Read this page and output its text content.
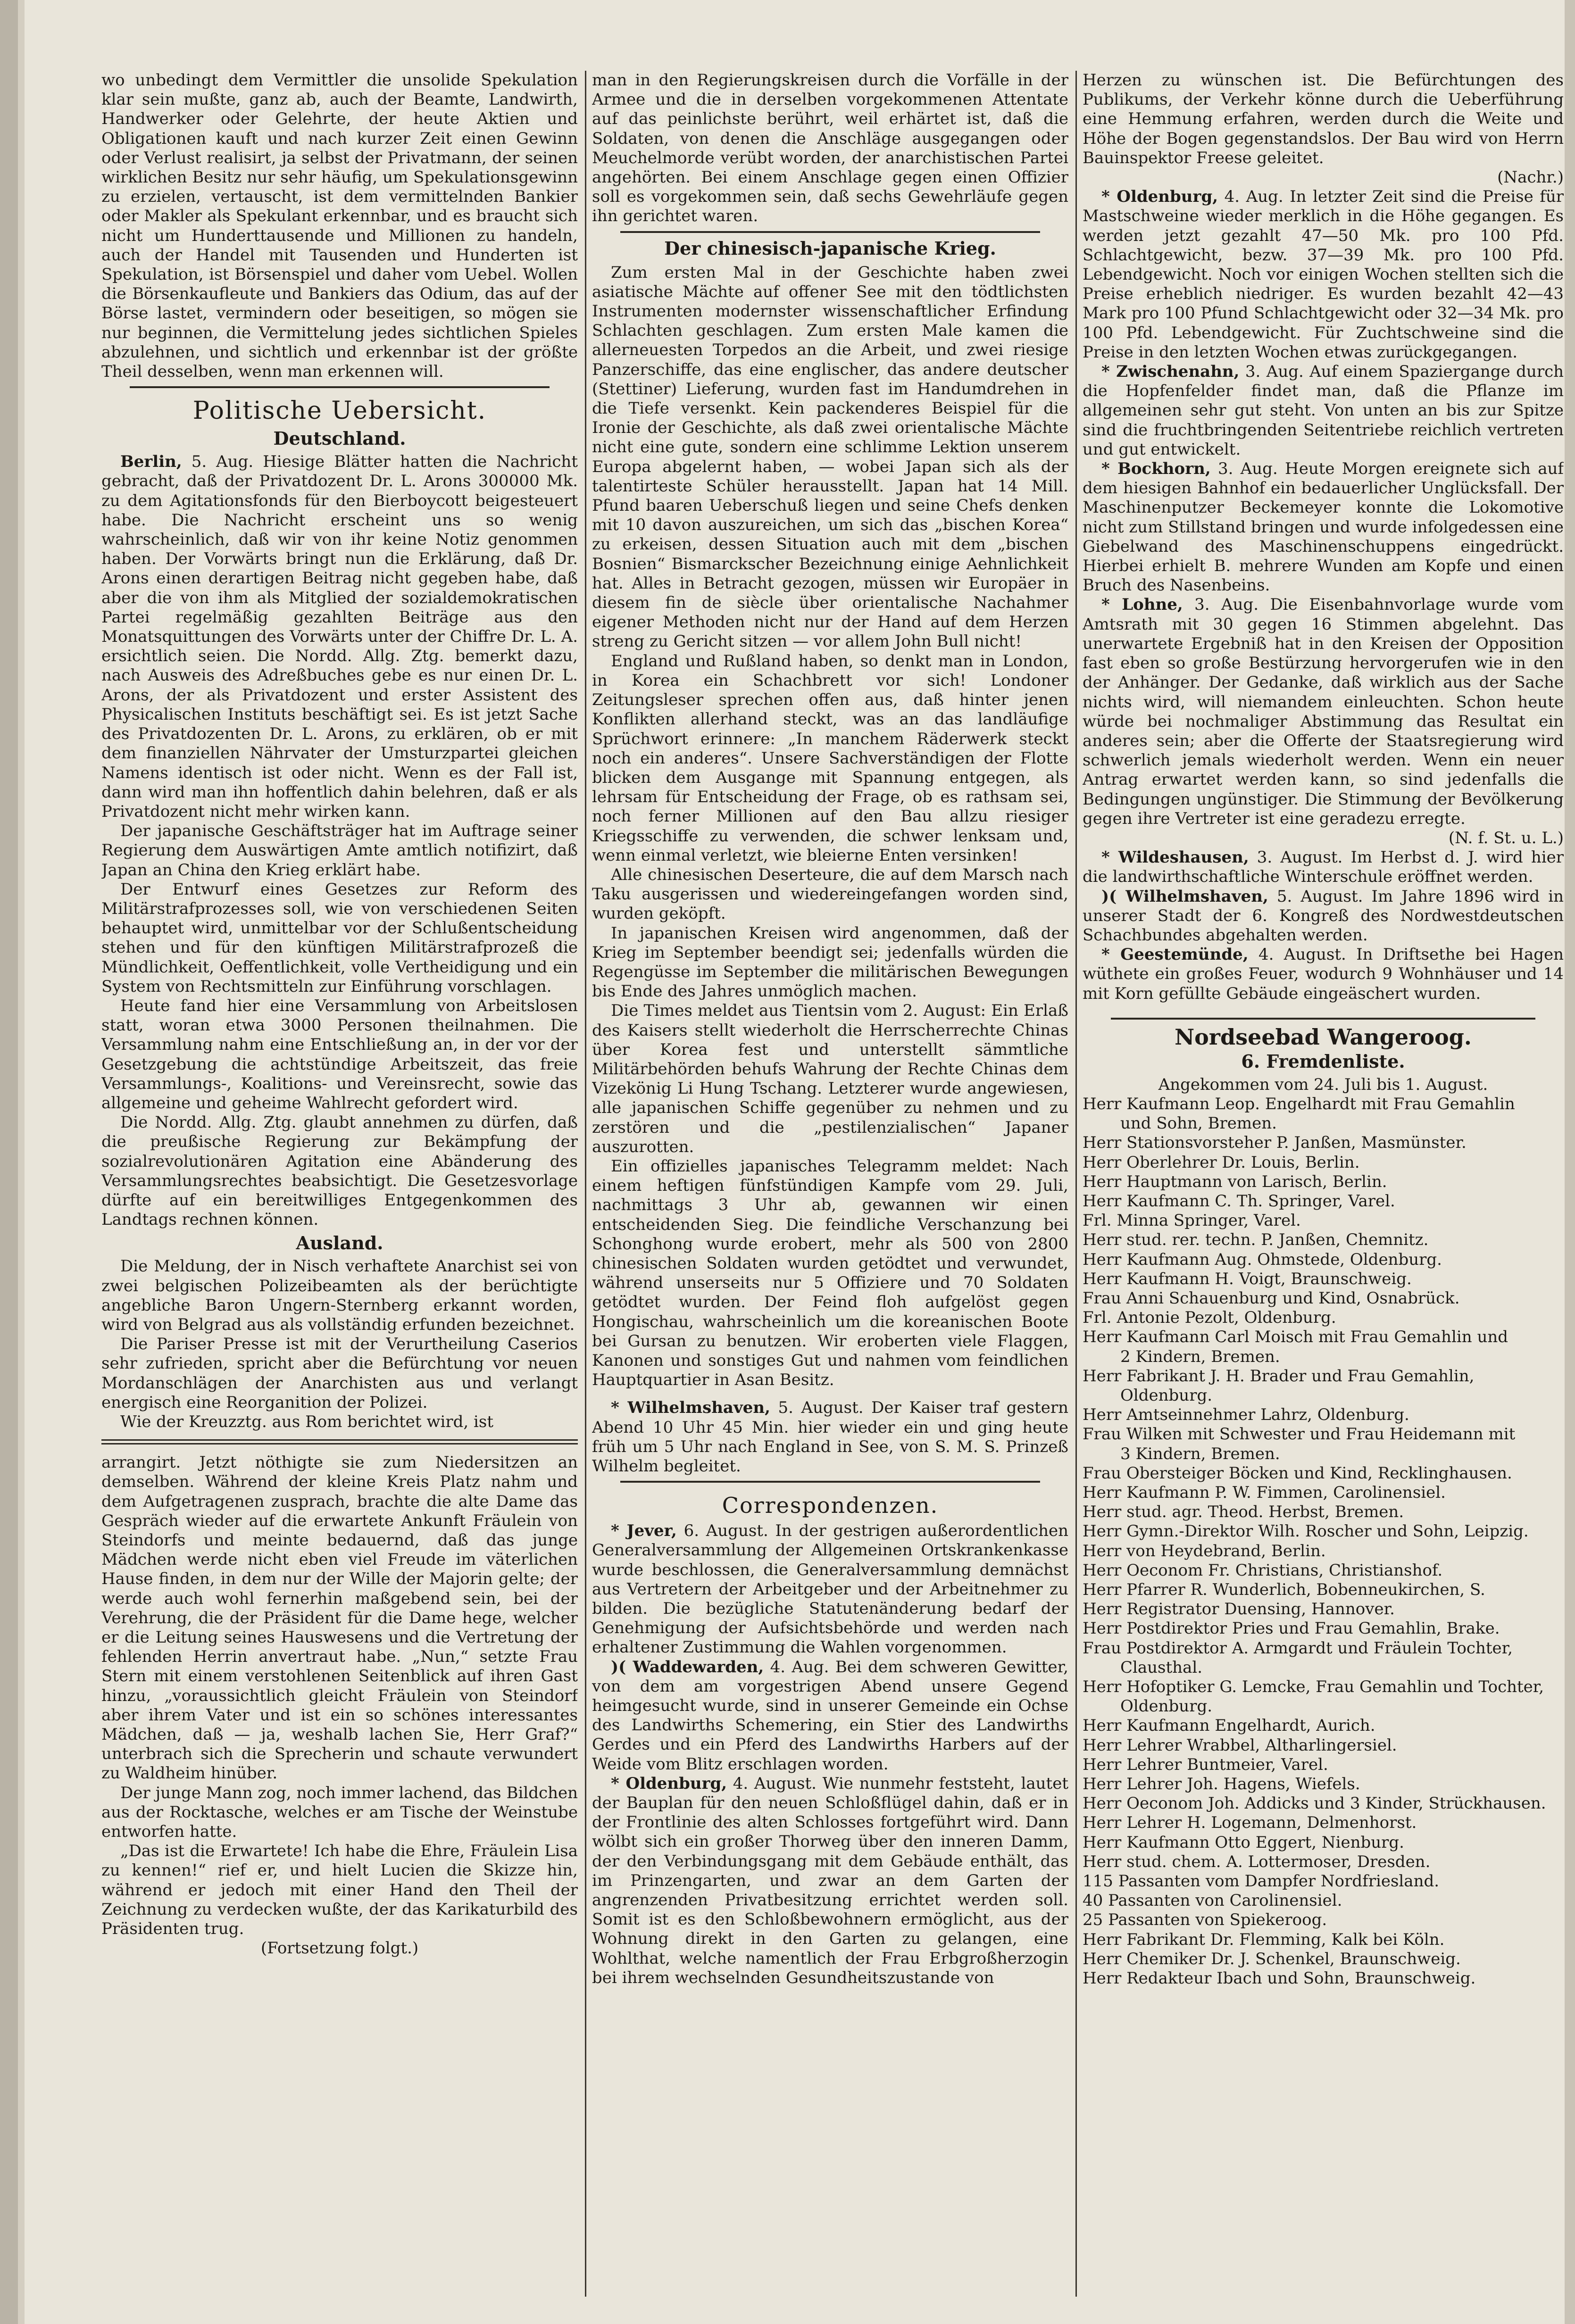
wo unbedingt dem Vermittler die unsolide Spekulation klar sein mußte, ganz ab, auch der Beamte, Landwirth, Handwerker oder Gelehrte, der heute Aktien und Obligationen kauft und nach kurzer Zeit einen Gewinn oder Verlust realisirt, ja selbst der Privatmann, der seinen wirklichen Besitz nur sehr häufig, um Spekulationsgewinn zu erzielen, vertauscht, ist dem vermittelnden Bankier oder Makler als Spekulant erkennbar, und es braucht sich nicht um Hunderttausende und Millionen zu handeln, auch der Handel mit Tausenden und Hunderten ist Spekulation, ist Börsenspiel und daher vom Uebel. Wollen die Börsenkaufleute und Bankiers das Odium, das auf der Börse lastet, vermindern oder beseitigen, so mögen sie nur beginnen, die Vermittelung jedes sichtlichen Spieles abzulehnen, und sichtlich und erkennbar ist der größte Theil desselben, wenn man erkennen will.

Politische Uebersicht.
Deutschland.

Berlin, 5. Aug. Hiesige Blätter hatten die Nachricht gebracht, daß der Privatdozent Dr. L. Arons 300000 Mk. zu dem Agitationsfonds für den Bierboycott beigesteuert habe. Die Nachricht erscheint uns so wenig wahrscheinlich, daß wir von ihr keine Notiz genommen haben. Der Vorwärts bringt nun die Erklärung, daß Dr. Arons einen derartigen Beitrag nicht gegeben habe, daß aber die von ihm als Mitglied der sozialdemokratischen Partei regelmäßig gezahlten Beiträge aus den Monatsquittungen des Vorwärts unter der Chiffre Dr. L. A. ersichtlich seien. Die Nordd. Allg. Ztg. bemerkt dazu, nach Ausweis des Adreßbuches gebe es nur einen Dr. L. Arons, der als Privatdozent und erster Assistent des Physicalischen Instituts beschäftigt sei. Es ist jetzt Sache des Privatdozenten Dr. L. Arons, zu erklären, ob er mit dem finanziellen Nährvater der Umsturzpartei gleichen Namens identisch ist oder nicht. Wenn es der Fall ist, dann wird man ihn hoffentlich dahin belehren, daß er als Privatdozent nicht mehr wirken kann.

Der japanische Geschäftsträger hat im Auftrage seiner Regierung dem Auswärtigen Amte amtlich notifizirt, daß Japan an China den Krieg erklärt habe.

Der Entwurf eines Gesetzes zur Reform des Militärstrafprozesses soll, wie von verschiedenen Seiten behauptet wird, unmittelbar vor der Schlußentscheidung stehen und für den künftigen Militärstrafprozeß die Mündlichkeit, Oeffentlichkeit, volle Vertheidigung und ein System von Rechtsmitteln zur Einführung vorschlagen.

Heute fand hier eine Versammlung von Arbeitslosen statt, woran etwa 3000 Personen theilnahmen. Die Versammlung nahm eine Entschließung an, in der vor der Gesetzgebung die achtstündige Arbeitszeit, das freie Versammlungs-, Koalitions- und Vereinsrecht, sowie das allgemeine und geheime Wahlrecht gefordert wird.

Die Nordd. Allg. Ztg. glaubt annehmen zu dürfen, daß die preußische Regierung zur Bekämpfung der sozialrevolutionären Agitation eine Abänderung des Versammlungsrechtes beabsichtigt. Die Gesetzesvorlage dürfte auf ein bereitwilliges Entgegenkommen des Landtags rechnen können.

Ausland.

Die Meldung, der in Nisch verhaftete Anarchist sei von zwei belgischen Polizeibeamten als der berüchtigte angebliche Baron Ungern-Sternberg erkannt worden, wird von Belgrad aus als vollständig erfunden bezeichnet.

Die Pariser Presse ist mit der Verurtheilung Caserios sehr zufrieden, spricht aber die Befürchtung vor neuen Mordanschlägen der Anarchisten aus und verlangt energisch eine Reorganition der Polizei.

Wie der Kreuzztg. aus Rom berichtet wird, ist

arrangirt. Jetzt nöthigte sie zum Niedersitzen an demselben. Während der kleine Kreis Platz nahm und dem Aufgetragenen zusprach, brachte die alte Dame das Gespräch wieder auf die erwartete Ankunft Fräulein von Steindorfs und meinte bedauernd, daß das junge Mädchen werde nicht eben viel Freude im väterlichen Hause finden, in dem nur der Wille der Majorin gelte; der werde auch wohl fernerhin maßgebend sein, bei der Verehrung, die der Präsident für die Dame hege, welcher er die Leitung seines Hauswesens und die Vertretung der fehlenden Herrin anvertraut habe. „Nun,“ setzte Frau Stern mit einem verstohlenen Seitenblick auf ihren Gast hinzu, „voraussichtlich gleicht Fräulein von Steindorf aber ihrem Vater und ist ein so schönes interessantes Mädchen, daß — ja, weshalb lachen Sie, Herr Graf?“ unterbrach sich die Sprecherin und schaute verwundert zu Waldheim hinüber.

Der junge Mann zog, noch immer lachend, das Bildchen aus der Rocktasche, welches er am Tische der Weinstube entworfen hatte.

„Das ist die Erwartete! Ich habe die Ehre, Fräulein Lisa zu kennen!“ rief er, und hielt Lucien die Skizze hin, während er jedoch mit einer Hand den Theil der Zeichnung zu verdecken wußte, der das Karikaturbild des Präsidenten trug.

(Fortsetzung folgt.)

man in den Regierungskreisen durch die Vorfälle in der Armee und die in derselben vorgekommenen Attentate auf das peinlichste berührt, weil erhärtet ist, daß die Soldaten, von denen die Anschläge ausgegangen oder Meuchelmorde verübt worden, der anarchistischen Partei angehörten. Bei einem Anschlage gegen einen Offizier soll es vorgekommen sein, daß sechs Gewehrläufe gegen ihn gerichtet waren.

Der chinesisch-japanische Krieg.

Zum ersten Mal in der Geschichte haben zwei asiatische Mächte auf offener See mit den tödtlichsten Instrumenten modernster wissenschaftlicher Erfindung Schlachten geschlagen. Zum ersten Male kamen die allerneuesten Torpedos an die Arbeit, und zwei riesige Panzerschiffe, das eine englischer, das andere deutscher (Stettiner) Lieferung, wurden fast im Handumdrehen in die Tiefe versenkt. Kein packenderes Beispiel für die Ironie der Geschichte, als daß zwei orientalische Mächte nicht eine gute, sondern eine schlimme Lektion unserem Europa abgelernt haben, — wobei Japan sich als der talentirteste Schüler herausstellt. Japan hat 14 Mill. Pfund baaren Ueberschuß liegen und seine Chefs denken mit 10 davon auszureichen, um sich das „bischen Korea“ zu erkeisen, dessen Situation auch mit dem „bischen Bosnien“ Bismarckscher Bezeichnung einige Aehnlichkeit hat. Alles in Betracht gezogen, müssen wir Europäer in diesem fin de siècle über orientalische Nachahmer eigener Methoden nicht nur der Hand auf dem Herzen streng zu Gericht sitzen — vor allem John Bull nicht!

England und Rußland haben, so denkt man in London, in Korea ein Schachbrett vor sich! Londoner Zeitungsleser sprechen offen aus, daß hinter jenen Konflikten allerhand steckt, was an das landläufige Sprüchwort erinnere: „In manchem Räderwerk steckt noch ein anderes“. Unsere Sachverständigen der Flotte blicken dem Ausgange mit Spannung entgegen, als lehrsam für Entscheidung der Frage, ob es rathsam sei, noch ferner Millionen auf den Bau allzu riesiger Kriegsschiffe zu verwenden, die schwer lenksam und, wenn einmal verletzt, wie bleierne Enten versinken!

Alle chinesischen Deserteure, die auf dem Marsch nach Taku ausgerissen und wiedereingefangen worden sind, wurden geköpft.

In japanischen Kreisen wird angenommen, daß der Krieg im September beendigt sei; jedenfalls würden die Regengüsse im September die militärischen Bewegungen bis Ende des Jahres unmöglich machen.

Die Times meldet aus Tientsin vom 2. August: Ein Erlaß des Kaisers stellt wiederholt die Herrscherrechte Chinas über Korea fest und unterstellt sämmtliche Militärbehörden behufs Wahrung der Rechte Chinas dem Vizekönig Li Hung Tschang. Letzterer wurde angewiesen, alle japanischen Schiffe gegenüber zu nehmen und zu zerstören und die „pestilenzialischen“ Japaner auszurotten.

Ein offizielles japanisches Telegramm meldet: Nach einem heftigen fünfstündigen Kampfe vom 29. Juli, nachmittags 3 Uhr ab, gewannen wir einen entscheidenden Sieg. Die feindliche Verschanzung bei Schonghong wurde erobert, mehr als 500 von 2800 chinesischen Soldaten wurden getödtet und verwundet, während unserseits nur 5 Offiziere und 70 Soldaten getödtet wurden. Der Feind floh aufgelöst gegen Hongischau, wahrscheinlich um die koreanischen Boote bei Gursan zu benutzen. Wir eroberten viele Flaggen, Kanonen und sonstiges Gut und nahmen vom feindlichen Hauptquartier in Asan Besitz.

* Wilhelmshaven, 5. August. Der Kaiser traf gestern Abend 10 Uhr 45 Min. hier wieder ein und ging heute früh um 5 Uhr nach England in See, von S. M. S. Prinzeß Wilhelm begleitet.

Correspondenzen.

* Jever, 6. August. In der gestrigen außerordentlichen Generalversammlung der Allgemeinen Ortskrankenkasse wurde beschlossen, die Generalversammlung demnächst aus Vertretern der Arbeitgeber und der Arbeitnehmer zu bilden. Die bezügliche Statutenänderung bedarf der Genehmigung der Aufsichtsbehörde und werden nach erhaltener Zustimmung die Wahlen vorgenommen.

)( Waddewarden, 4. Aug. Bei dem schweren Gewitter, von dem am vorgestrigen Abend unsere Gegend heimgesucht wurde, sind in unserer Gemeinde ein Ochse des Landwirths Schemering, ein Stier des Landwirths Gerdes und ein Pferd des Landwirths Harbers auf der Weide vom Blitz erschlagen worden.

* Oldenburg, 4. August. Wie nunmehr feststeht, lautet der Bauplan für den neuen Schloßflügel dahin, daß er in der Frontlinie des alten Schlosses fortgeführt wird. Dann wölbt sich ein großer Thorweg über den inneren Damm, der den Verbindungsgang mit dem Gebäude enthält, das im Prinzengarten, und zwar an dem Garten der angrenzenden Privatbesitzung errichtet werden soll. Somit ist es den Schloßbewohnern ermöglicht, aus der Wohnung direkt in den Garten zu gelangen, eine Wohlthat, welche namentlich der Frau Erbgroßherzogin bei ihrem wechselnden Gesundheitszustande von

Herzen zu wünschen ist. Die Befürchtungen des Publikums, der Verkehr könne durch die Ueberführung eine Hemmung erfahren, werden durch die Weite und Höhe der Bogen gegenstandslos. Der Bau wird von Herrn Bauinspektor Freese geleitet.

(Nachr.)

* Oldenburg, 4. Aug. In letzter Zeit sind die Preise für Mastschweine wieder merklich in die Höhe gegangen. Es werden jetzt gezahlt 47—50 Mk. pro 100 Pfd. Schlachtgewicht, bezw. 37—39 Mk. pro 100 Pfd. Lebendgewicht. Noch vor einigen Wochen stellten sich die Preise erheblich niedriger. Es wurden bezahlt 42—43 Mark pro 100 Pfund Schlachtgewicht oder 32—34 Mk. pro 100 Pfd. Lebendgewicht. Für Zuchtschweine sind die Preise in den letzten Wochen etwas zurückgegangen.

* Zwischenahn, 3. Aug. Auf einem Spaziergange durch die Hopfenfelder findet man, daß die Pflanze im allgemeinen sehr gut steht. Von unten an bis zur Spitze sind die fruchtbringenden Seitentriebe reichlich vertreten und gut entwickelt.

* Bockhorn, 3. Aug. Heute Morgen ereignete sich auf dem hiesigen Bahnhof ein bedauerlicher Unglücksfall. Der Maschinenputzer Beckemeyer konnte die Lokomotive nicht zum Stillstand bringen und wurde infolgedessen eine Giebelwand des Maschinenschuppens eingedrückt. Hierbei erhielt B. mehrere Wunden am Kopfe und einen Bruch des Nasenbeins.

* Lohne, 3. Aug. Die Eisenbahnvorlage wurde vom Amtsrath mit 30 gegen 16 Stimmen abgelehnt. Das unerwartete Ergebniß hat in den Kreisen der Opposition fast eben so große Bestürzung hervorgerufen wie in den der Anhänger. Der Gedanke, daß wirklich aus der Sache nichts wird, will niemandem einleuchten. Schon heute würde bei nochmaliger Abstimmung das Resultat ein anderes sein; aber die Offerte der Staatsregierung wird schwerlich jemals wiederholt werden. Wenn ein neuer Antrag erwartet werden kann, so sind jedenfalls die Bedingungen ungünstiger. Die Stimmung der Bevölkerung gegen ihre Vertreter ist eine geradezu erregte.

(N. f. St. u. L.)

* Wildeshausen, 3. August. Im Herbst d. J. wird hier die landwirthschaftliche Winterschule eröffnet werden.

)( Wilhelmshaven, 5. August. Im Jahre 1896 wird in unserer Stadt der 6. Kongreß des Nordwestdeutschen Schachbundes abgehalten werden.

* Geestemünde, 4. August. In Driftsethe bei Hagen wüthete ein großes Feuer, wodurch 9 Wohnhäuser und 14 mit Korn gefüllte Gebäude eingeäschert wurden.

Nordseebad Wangeroog.
6. Fremdenliste.
Angekommen vom 24. Juli bis 1. August.

Herr Kaufmann Leop. Engelhardt mit Frau Gemahlin

und Sohn, Bremen.

Herr Stationsvorsteher P. Janßen, Masmünster.

Herr Oberlehrer Dr. Louis, Berlin.

Herr Hauptmann von Larisch, Berlin.

Herr Kaufmann C. Th. Springer, Varel.

Frl. Minna Springer, Varel.

Herr stud. rer. techn. P. Janßen, Chemnitz.

Herr Kaufmann Aug. Ohmstede, Oldenburg.

Herr Kaufmann H. Voigt, Braunschweig.

Frau Anni Schauenburg und Kind, Osnabrück.

Frl. Antonie Pezolt, Oldenburg.

Herr Kaufmann Carl Moisch mit Frau Gemahlin und

2 Kindern, Bremen.

Herr Fabrikant J. H. Brader und Frau Gemahlin,

Oldenburg.

Herr Amtseinnehmer Lahrz, Oldenburg.

Frau Wilken mit Schwester und Frau Heidemann mit

3 Kindern, Bremen.

Frau Obersteiger Böcken und Kind, Recklinghausen.

Herr Kaufmann P. W. Fimmen, Carolinensiel.

Herr stud. agr. Theod. Herbst, Bremen.

Herr Gymn.-Direktor Wilh. Roscher und Sohn, Leipzig.

Herr von Heydebrand, Berlin.

Herr Oeconom Fr. Christians, Christianshof.

Herr Pfarrer R. Wunderlich, Bobenneukirchen, S.

Herr Registrator Duensing, Hannover.

Herr Postdirektor Pries und Frau Gemahlin, Brake.

Frau Postdirektor A. Armgardt und Fräulein Tochter,

Clausthal.

Herr Hofoptiker G. Lemcke, Frau Gemahlin und Tochter,

Oldenburg.

Herr Kaufmann Engelhardt, Aurich.

Herr Lehrer Wrabbel, Altharlingersiel.

Herr Lehrer Buntmeier, Varel.

Herr Lehrer Joh. Hagens, Wiefels.

Herr Oeconom Joh. Addicks und 3 Kinder, Strückhausen.

Herr Lehrer H. Logemann, Delmenhorst.

Herr Kaufmann Otto Eggert, Nienburg.

Herr stud. chem. A. Lottermoser, Dresden.

115 Passanten vom Dampfer Nordfriesland.

40 Passanten von Carolinensiel.

25 Passanten von Spiekeroog.

Herr Fabrikant Dr. Flemming, Kalk bei Köln.

Herr Chemiker Dr. J. Schenkel, Braunschweig.

Herr Redakteur Ibach und Sohn, Braunschweig.
